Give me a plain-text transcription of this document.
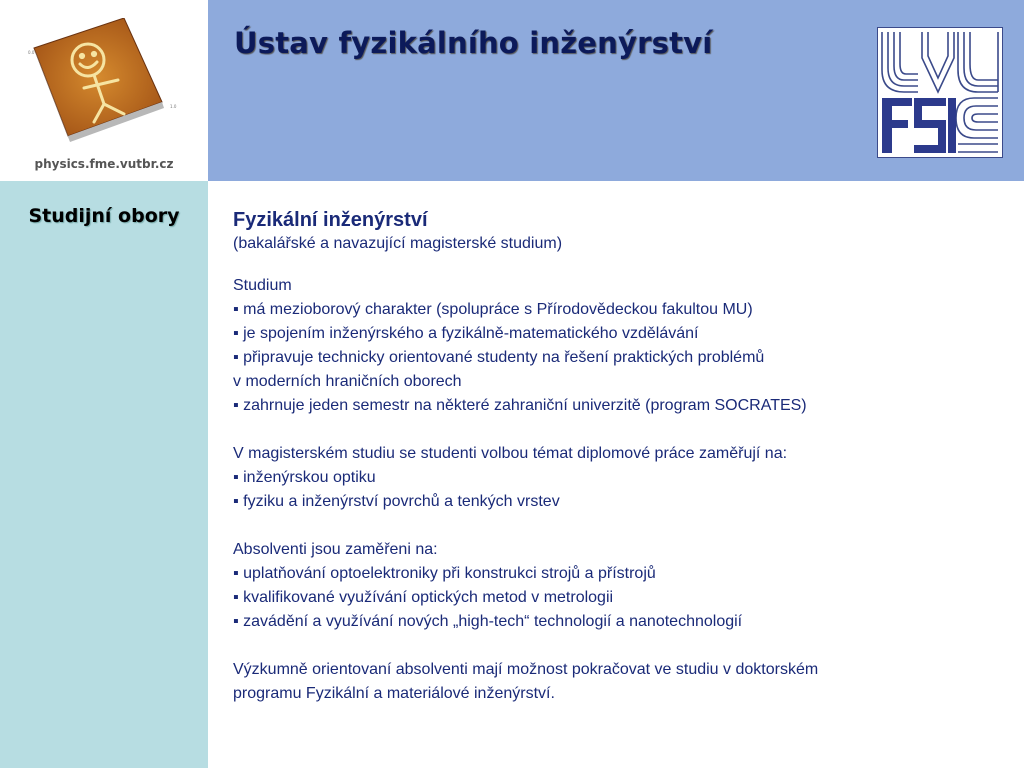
0.0
1.0

physics.fme.vutbr.cz

Ústav fyzikálního inženýrství

Studijní obory	Fyzikální inženýrství

(bakalářské a navazující magisterské studium)

Studium

▪ má mezioborový charakter (spolupráce s Přírodovědeckou fakultou MU)

▪ je spojením inženýrského a fyzikálně-matematického vzdělávání

▪ připravuje technicky orientované studenty na řešení praktických problémů

v moderních hraničních oborech

▪ zahrnuje jeden semestr na některé zahraniční univerzitě (program SOCRATES)

V magisterském studiu se studenti volbou témat diplomové práce zaměřují na:

▪ inženýrskou optiku

▪ fyziku a inženýrství povrchů a tenkých vrstev

Absolventi jsou zaměřeni na:

▪ uplatňování optoelektroniky při konstrukci strojů a přístrojů

▪ kvalifikované využívání optických metod v metrologii

▪ zavádění a využívání nových „high-tech“ technologií a nanotechnologií

Výzkumně orientovaní absolventi mají možnost pokračovat ve studiu v doktorském

programu Fyzikální a materiálové inženýrství.
